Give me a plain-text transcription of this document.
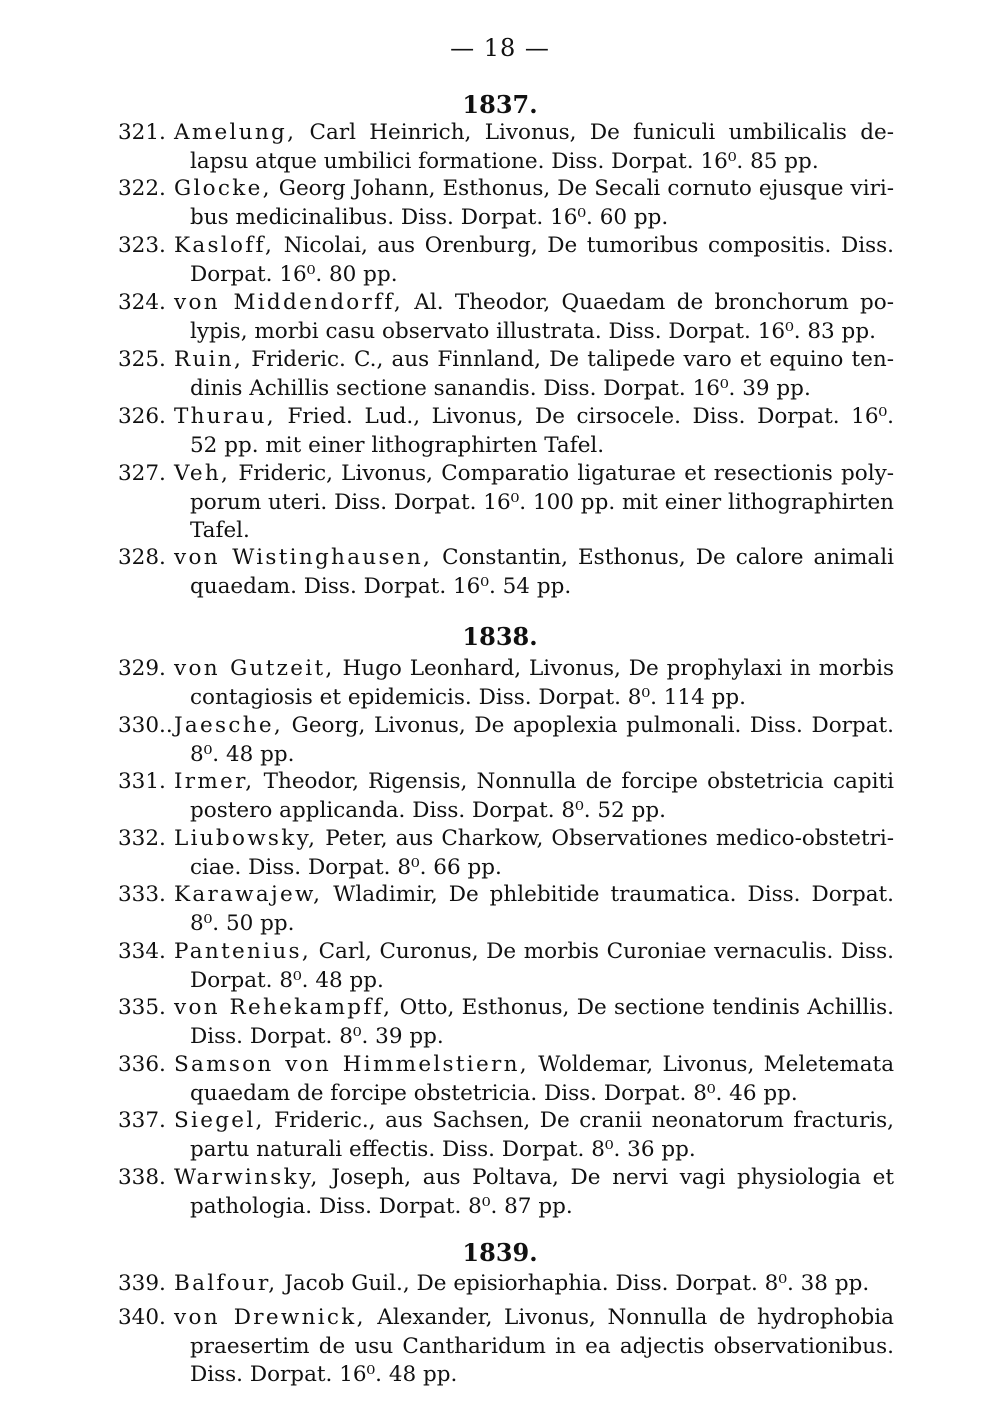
— 18 —
1837.
321. Amelung, Carl Heinrich, Livonus, De funiculi umbilicalis de-
lapsu atque umbilici formatione. Diss. Dorpat. 16⁰. 85 pp.
322. Glocke, Georg Johann, Esthonus, De Secali cornuto ejusque viri-
bus medicinalibus. Diss. Dorpat. 16⁰. 60 pp.
323. Kasloff, Nicolai, aus Orenburg, De tumoribus compositis. Diss.
Dorpat. 16⁰. 80 pp.
324. von Middendorff, Al. Theodor, Quaedam de bronchorum po-
lypis, morbi casu observato illustrata. Diss. Dorpat. 16⁰. 83 pp.
325. Ruin, Frideric. C., aus Finnland, De talipede varo et equino ten-
dinis Achillis sectione sanandis. Diss. Dorpat. 16⁰. 39 pp.
326. Thurau, Fried. Lud., Livonus, De cirsocele. Diss. Dorpat. 16⁰.
52 pp. mit einer lithographirten Tafel.
327. Veh, Frideric, Livonus, Comparatio ligaturae et resectionis poly-
porum uteri. Diss. Dorpat. 16⁰. 100 pp. mit einer lithographirten
Tafel.
328. von Wistinghausen, Constantin, Esthonus, De calore animali
quaedam. Diss. Dorpat. 16⁰. 54 pp.
1838.
329. von Gutzeit, Hugo Leonhard, Livonus, De prophylaxi in morbis
contagiosis et epidemicis. Diss. Dorpat. 8⁰. 114 pp.
330.. Jaesche, Georg, Livonus, De apoplexia pulmonali. Diss. Dorpat.
8⁰. 48 pp.
331. Irmer, Theodor, Rigensis, Nonnulla de forcipe obstetricia capiti
postero applicanda. Diss. Dorpat. 8⁰. 52 pp.
332. Liubowsky, Peter, aus Charkow, Observationes medico-obstetri-
ciae. Diss. Dorpat. 8⁰. 66 pp.
333. Karawajew, Wladimir, De phlebitide traumatica. Diss. Dorpat.
8⁰. 50 pp.
334. Pantenius, Carl, Curonus, De morbis Curoniae vernaculis. Diss.
Dorpat. 8⁰. 48 pp.
335. von Rehekampff, Otto, Esthonus, De sectione tendinis Achillis.
Diss. Dorpat. 8⁰. 39 pp.
336. Samson von Himmelstiern, Woldemar, Livonus, Meletemata
quaedam de forcipe obstetricia. Diss. Dorpat. 8⁰. 46 pp.
337. Siegel, Frideric., aus Sachsen, De cranii neonatorum fracturis,
partu naturali effectis. Diss. Dorpat. 8⁰. 36 pp.
338. Warwinsky, Joseph, aus Poltava, De nervi vagi physiologia et
pathologia. Diss. Dorpat. 8⁰. 87 pp.
1839.
339. Balfour, Jacob Guil., De episiorhaphia. Diss. Dorpat. 8⁰. 38 pp.
340. von Drewnick, Alexander, Livonus, Nonnulla de hydrophobia
praesertim de usu Cantharidum in ea adjectis observationibus.
Diss. Dorpat. 16⁰. 48 pp.
